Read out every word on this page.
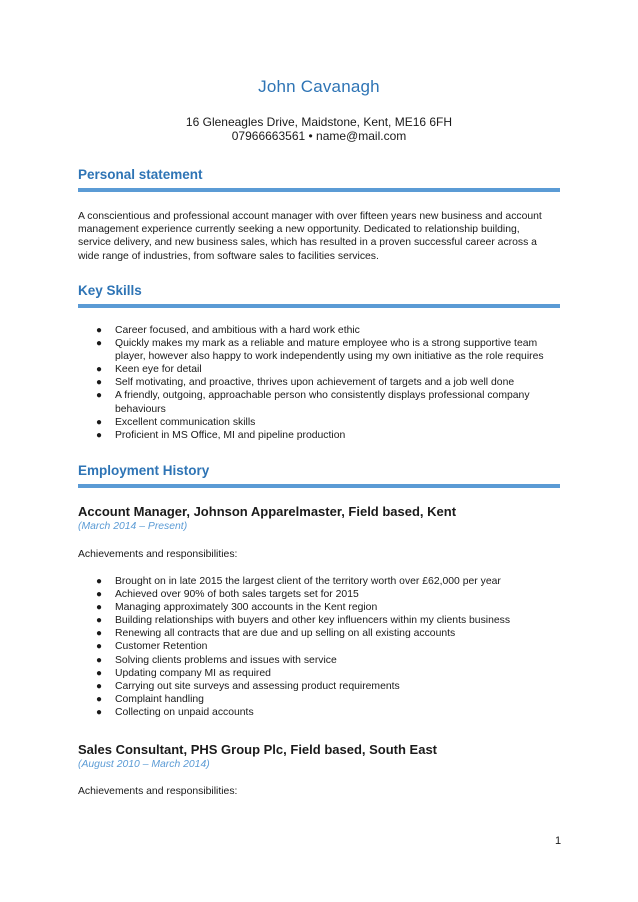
John Cavanagh
16 Gleneagles Drive, Maidstone, Kent, ME16 6FH
07966663561 • name@mail.com
Personal statement
A conscientious and professional account manager with over fifteen years new business and account
management experience currently seeking a new opportunity. Dedicated to relationship building,
service delivery, and new business sales, which has resulted in a proven successful career across a
wide range of industries, from software sales to facilities services.
Key Skills
● Career focused, and ambitious with a hard work ethic
● Quickly makes my mark as a reliable and mature employee who is a strong supportive team
player, however also happy to work independently using my own initiative as the role requires
● Keen eye for detail
● Self motivating, and proactive, thrives upon achievement of targets and a job well done
● A friendly, outgoing, approachable person who consistently displays professional company
behaviours
● Excellent communication skills
● Proficient in MS Office, MI and pipeline production
Employment History
Account Manager, Johnson Apparelmaster, Field based, Kent
(March 2014 – Present)
Achievements and responsibilities:
● Brought on in late 2015 the largest client of the territory worth over £62,000 per year
● Achieved over 90% of both sales targets set for 2015
● Managing approximately 300 accounts in the Kent region
● Building relationships with buyers and other key influencers within my clients business
● Renewing all contracts that are due and up selling on all existing accounts
● Customer Retention
● Solving clients problems and issues with service
● Updating company MI as required
● Carrying out site surveys and assessing product requirements
● Complaint handling
● Collecting on unpaid accounts
Sales Consultant, PHS Group Plc, Field based, South East
(August 2010 – March 2014)
Achievements and responsibilities:
1
